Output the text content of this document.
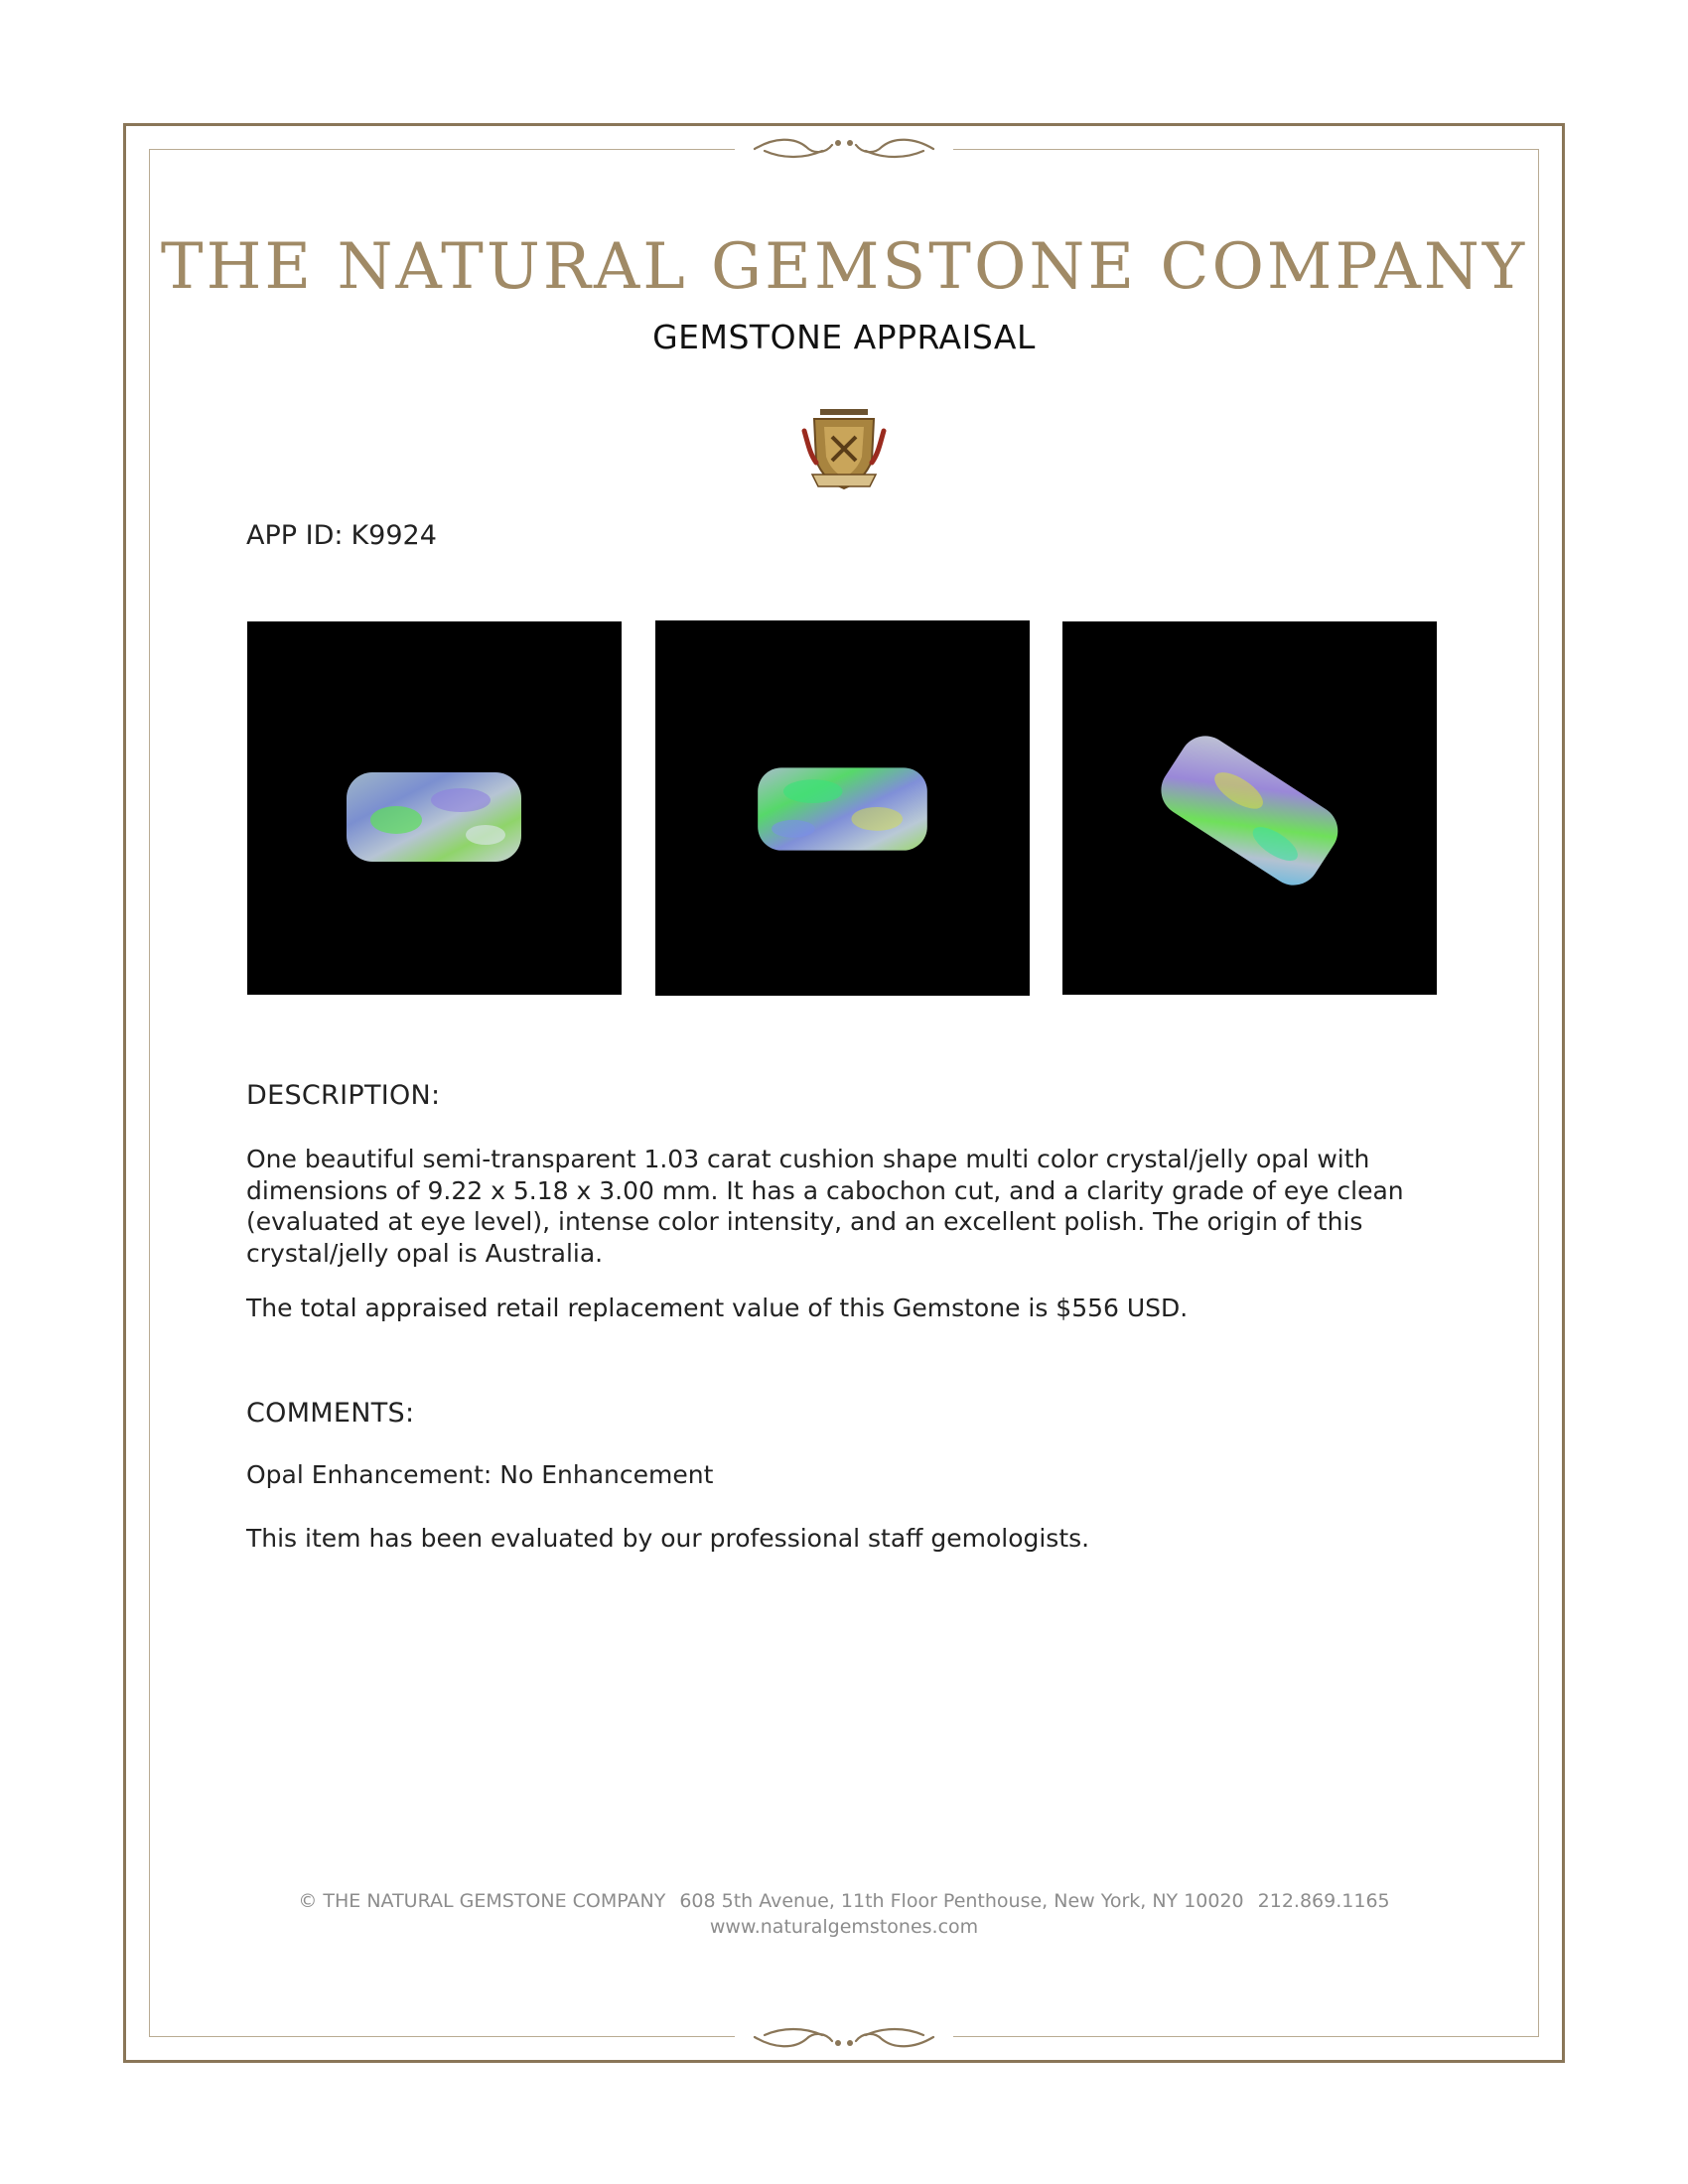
THE NATURAL GEMSTONE COMPANY
GEMSTONE APPRAISAL
APP ID: K9924
DESCRIPTION:
One beautiful semi-transparent 1.03 carat cushion shape multi color crystal/jelly opal with dimensions of 9.22 x 5.18 x 3.00 mm. It has a cabochon cut, and a clarity grade of eye clean (evaluated at eye level), intense color intensity, and an excellent polish. The origin of this crystal/jelly opal is Australia.
The total appraised retail replacement value of this Gemstone is $556 USD.
COMMENTS:
Opal Enhancement: No Enhancement
This item has been evaluated by our professional staff gemologists.
© THE NATURAL GEMSTONE COMPANY 608 5th Avenue, 11th Floor Penthouse, New York, NY 10020 212.869.1165
www.naturalgemstones.com
